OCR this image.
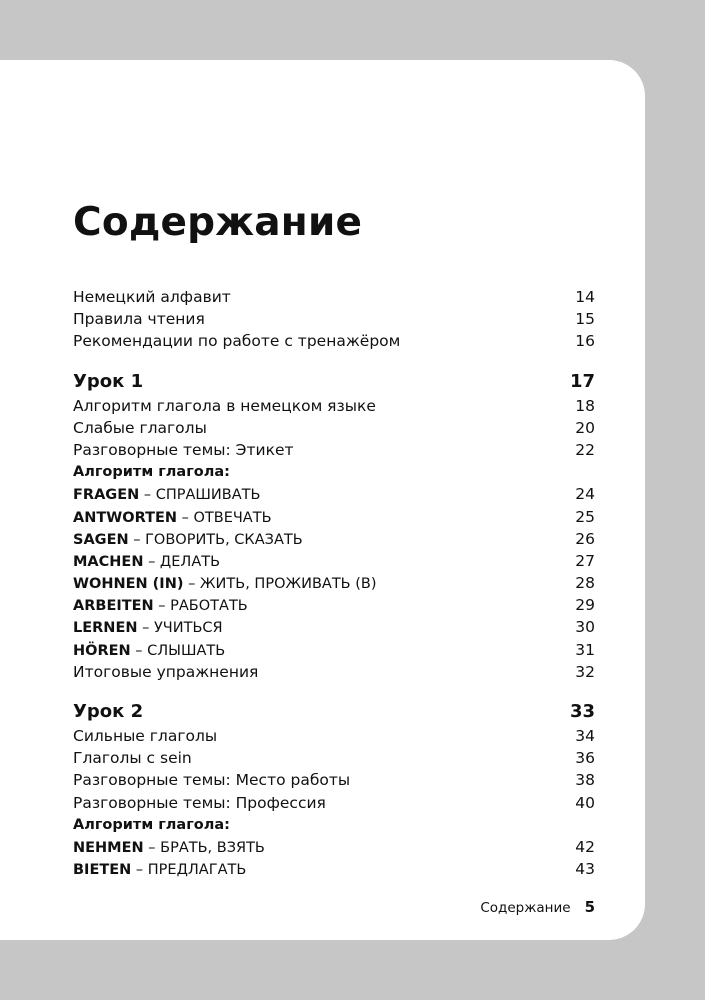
Содержание
Немецкий алфавит	14
Правила чтения	15
Рекомендации по работе с тренажёром	16
Урок 1	17
Алгоритм глагола в немецком языке	18
Слабые глаголы	20
Разговорные темы: Этикет	22
Алгоритм глагола:
FRAGEN – СПРАШИВАТЬ	24
ANTWORTEN – ОТВЕЧАТЬ	25
SAGEN – ГОВОРИТЬ, СКАЗАТЬ	26
MACHEN – ДЕЛАТЬ	27
WOHNEN (IN) – ЖИТЬ, ПРОЖИВАТЬ (В)	28
ARBEITEN – РАБОТАТЬ	29
LERNEN – УЧИТЬСЯ	30
HÖREN – СЛЫШАТЬ	31
Итоговые упражнения	32
Урок 2	33
Сильные глаголы	34
Глаголы с sein	36
Разговорные темы: Место работы	38
Разговорные темы: Профессия	40
Алгоритм глагола:
NEHMEN – БРАТЬ, ВЗЯТЬ	42
BIETEN – ПРЕДЛАГАТЬ	43
Содержание 5
